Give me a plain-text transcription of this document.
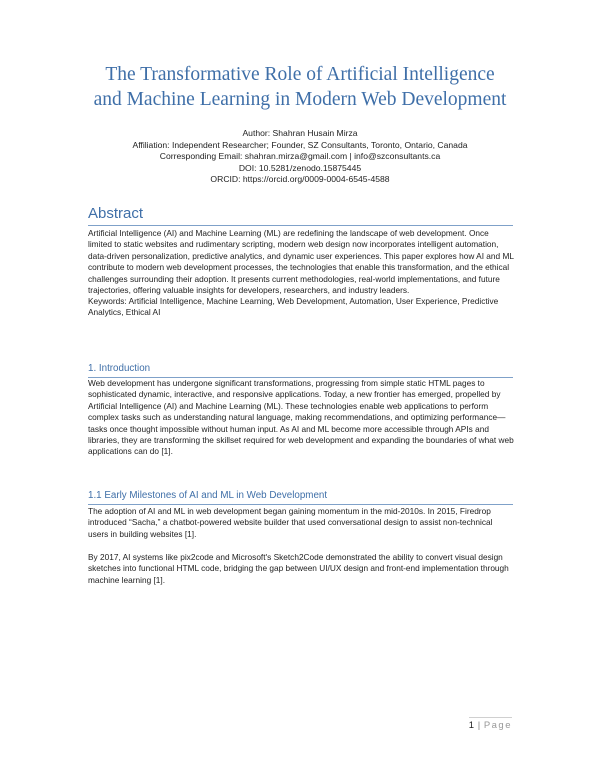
The Transformative Role of Artificial Intelligence
and Machine Learning in Modern Web Development
Author: Shahran Husain Mirza
Affiliation: Independent Researcher; Founder, SZ Consultants, Toronto, Ontario, Canada
Corresponding Email: shahran.mirza@gmail.com | info@szconsultants.ca
DOI: 10.5281/zenodo.15875445
ORCID: https://orcid.org/0009-0004-6545-4588
Abstract

Artificial Intelligence (AI) and Machine Learning (ML) are redefining the landscape of web development. Once limited to static websites and rudimentary scripting, modern web design now incorporates intelligent automation, data-driven personalization, predictive analytics, and dynamic user experiences. This paper explores how AI and ML contribute to modern web development processes, the technologies that enable this transformation, and the ethical challenges surrounding their adoption. It presents current methodologies, real-world implementations, and future trajectories, offering valuable insights for developers, researchers, and industry leaders.

Keywords: Artificial Intelligence, Machine Learning, Web Development, Automation, User Experience, Predictive Analytics, Ethical AI

1. Introduction

Web development has undergone significant transformations, progressing from simple static HTML pages to sophisticated dynamic, interactive, and responsive applications. Today, a new frontier has emerged, propelled by Artificial Intelligence (AI) and Machine Learning (ML). These technologies enable web applications to perform complex tasks such as understanding natural language, making recommendations, and optimizing performance—tasks once thought impossible without human input. As AI and ML become more accessible through APIs and libraries, they are transforming the skillset required for web development and expanding the boundaries of what web applications can do [1].

1.1 Early Milestones of AI and ML in Web Development

The adoption of AI and ML in web development began gaining momentum in the mid-2010s. In 2015, Firedrop introduced “Sacha,” a chatbot-powered website builder that used conversational design to assist non-technical users in building websites [1].

By 2017, AI systems like pix2code and Microsoft's Sketch2Code demonstrated the ability to convert visual design sketches into functional HTML code, bridging the gap between UI/UX design and front-end implementation through machine learning [1].

1 | Page
